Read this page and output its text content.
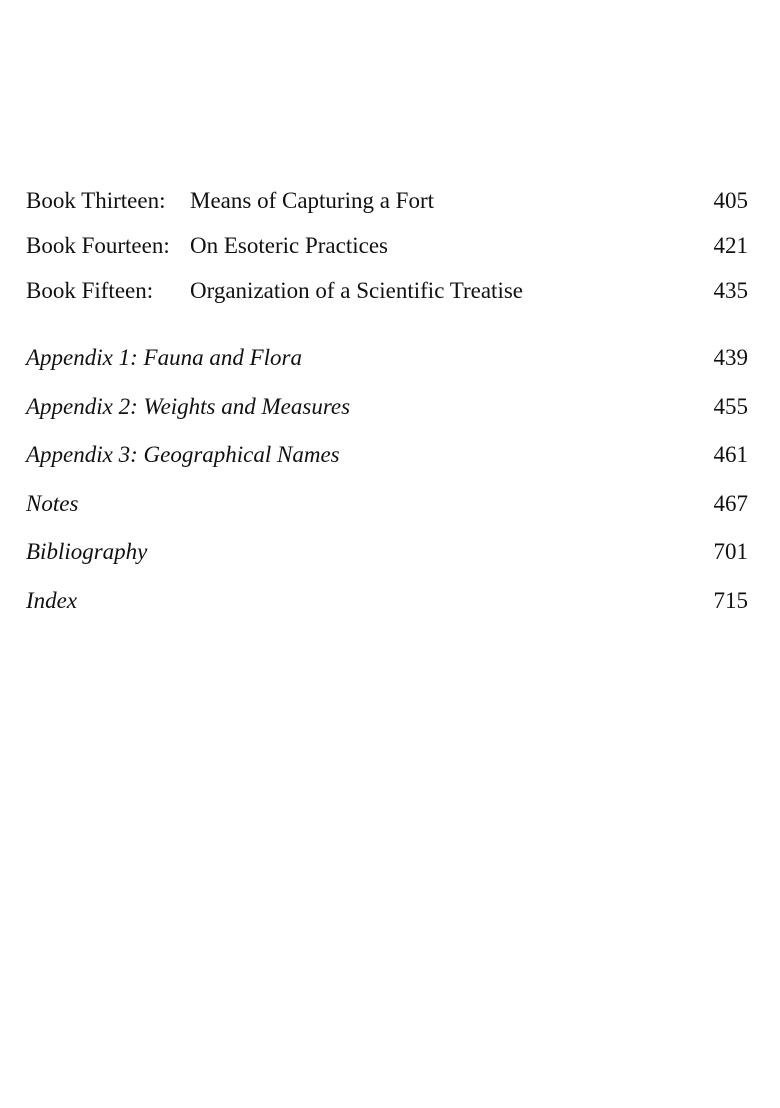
Book Thirteen: Means of Capturing a Fort	405
Book Fourteen: On Esoteric Practices	421
Book Fifteen: Organization of a Scientific Treatise	435
Appendix 1: Fauna and Flora	439
Appendix 2: Weights and Measures	455
Appendix 3: Geographical Names	461
Notes	467
Bibliography	701
Index	715
